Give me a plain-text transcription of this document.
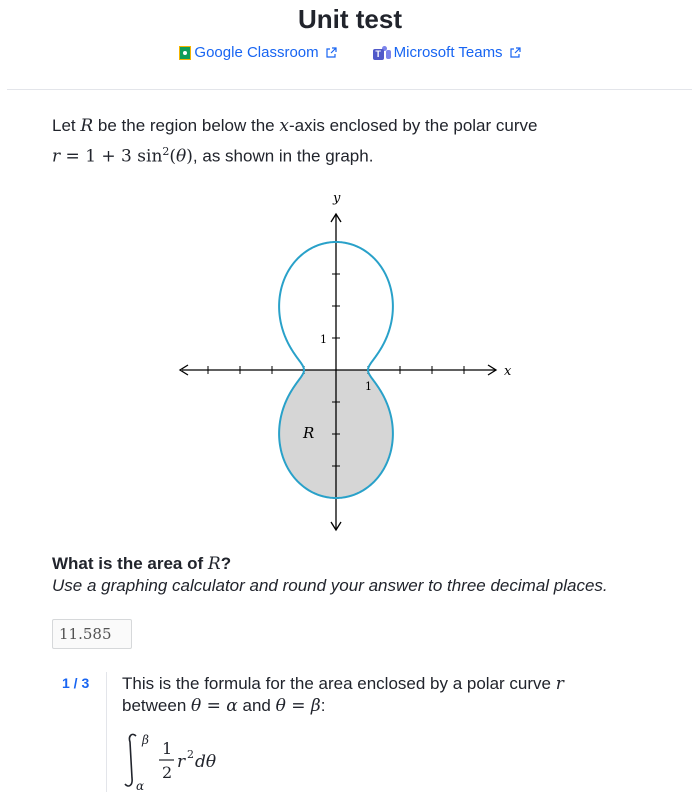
Unit test
Google Classroom	T Microsoft Teams
Let R be the region below the x-axis enclosed by the polar curve
r = 1 + 3 $\sin^2(\theta)$, as shown in the graph.
y
x
1
1
R
What is the area of R?
Use a graphing calculator and round your answer to three decimal places.
11.585
1 / 3 This is the formula for the area enclosed by a polar curve r
between θ = α and θ = β:
β
α
1
2
r 2 dθ
